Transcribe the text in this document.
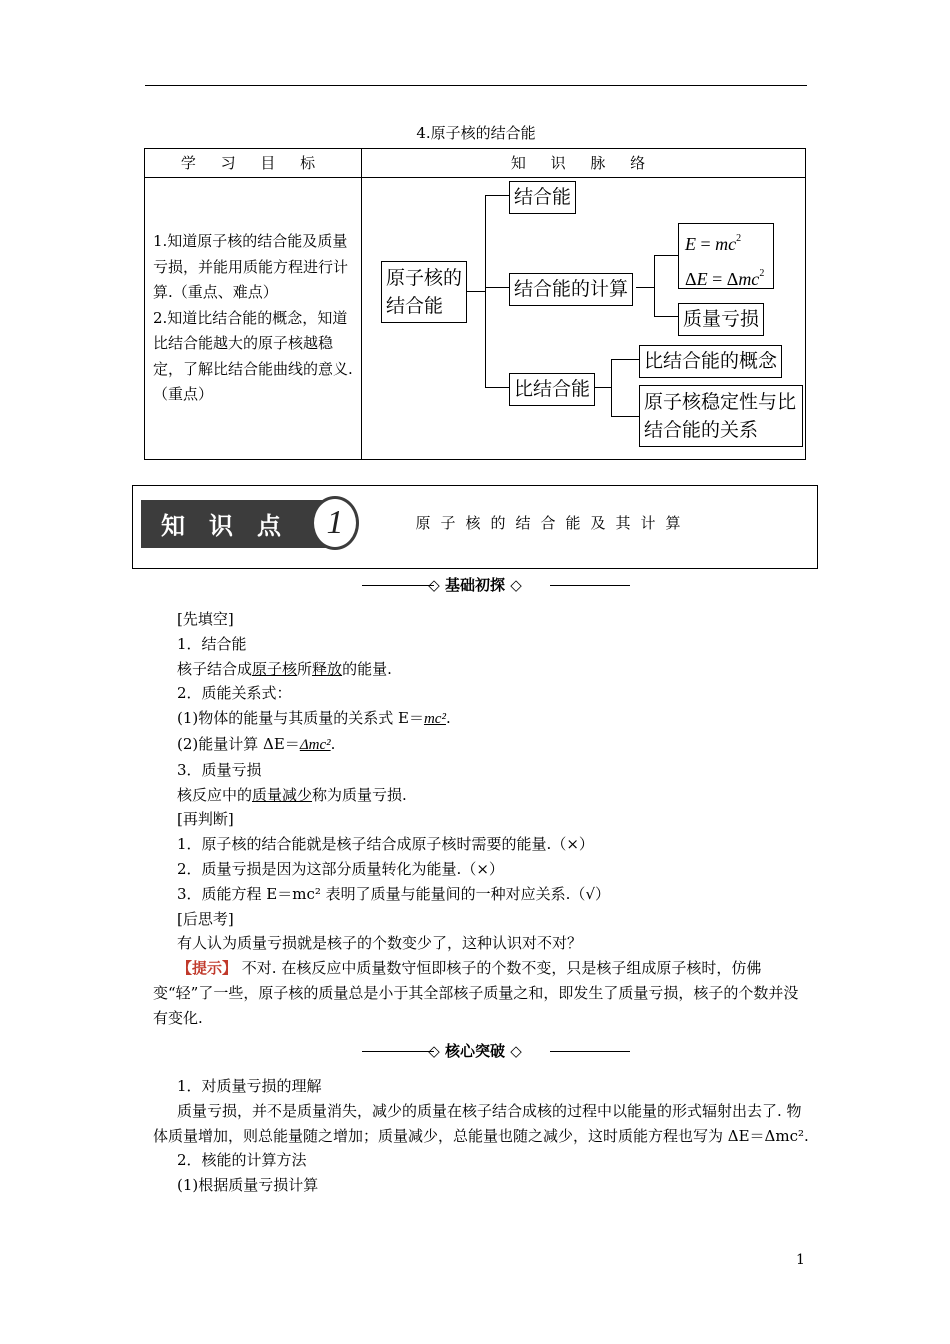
4.原子核的结合能
学 习 目 标	知 识 脉 络

1.知道原子核的结合能及质量亏损，并能用质能方程进行计算.（重点、难点）

2.知道比结合能的概念，知道比结合能越大的原子核越稳定，了解比结合能曲线的意义.（重点）

原子核的结合能
结合能
结合能的计算
比结合能
$E = mc^2$
ΔE = Δmc$^2$
质量亏损
比结合能的概念
原子核稳定性与比结合能的关系
知识点 1	原子核的结合能及其计算
◇ 基础初探 ◇

[先填空]

1．结合能

核子结合成原子核所释放的能量.

2．质能关系式：

(1)物体的能量与其质量的关系式 E＝mc².

(2)能量计算 ΔE＝Δmc².

3．质量亏损

核反应中的质量减少称为质量亏损.

[再判断]

1．原子核的结合能就是核子结合成原子核时需要的能量.（×）

2．质量亏损是因为这部分质量转化为能量.（×）

3．质能方程 E＝mc² 表明了质量与能量间的一种对应关系.（√）

[后思考]

有人认为质量亏损就是核子的个数变少了，这种认识对不对？

【提示】 不对. 在核反应中质量数守恒即核子的个数不变，只是核子组成原子核时，仿佛变“轻”了一些，原子核的质量总是小于其全部核子质量之和，即发生了质量亏损，核子的个数并没有变化.

◇ 核心突破 ◇

1．对质量亏损的理解

质量亏损，并不是质量消失，减少的质量在核子结合成核的过程中以能量的形式辐射出去了. 物体质量增加，则总能量随之增加；质量减少，总能量也随之减少，这时质能方程也写为 ΔE＝Δmc².

2．核能的计算方法

(1)根据质量亏损计算

1
